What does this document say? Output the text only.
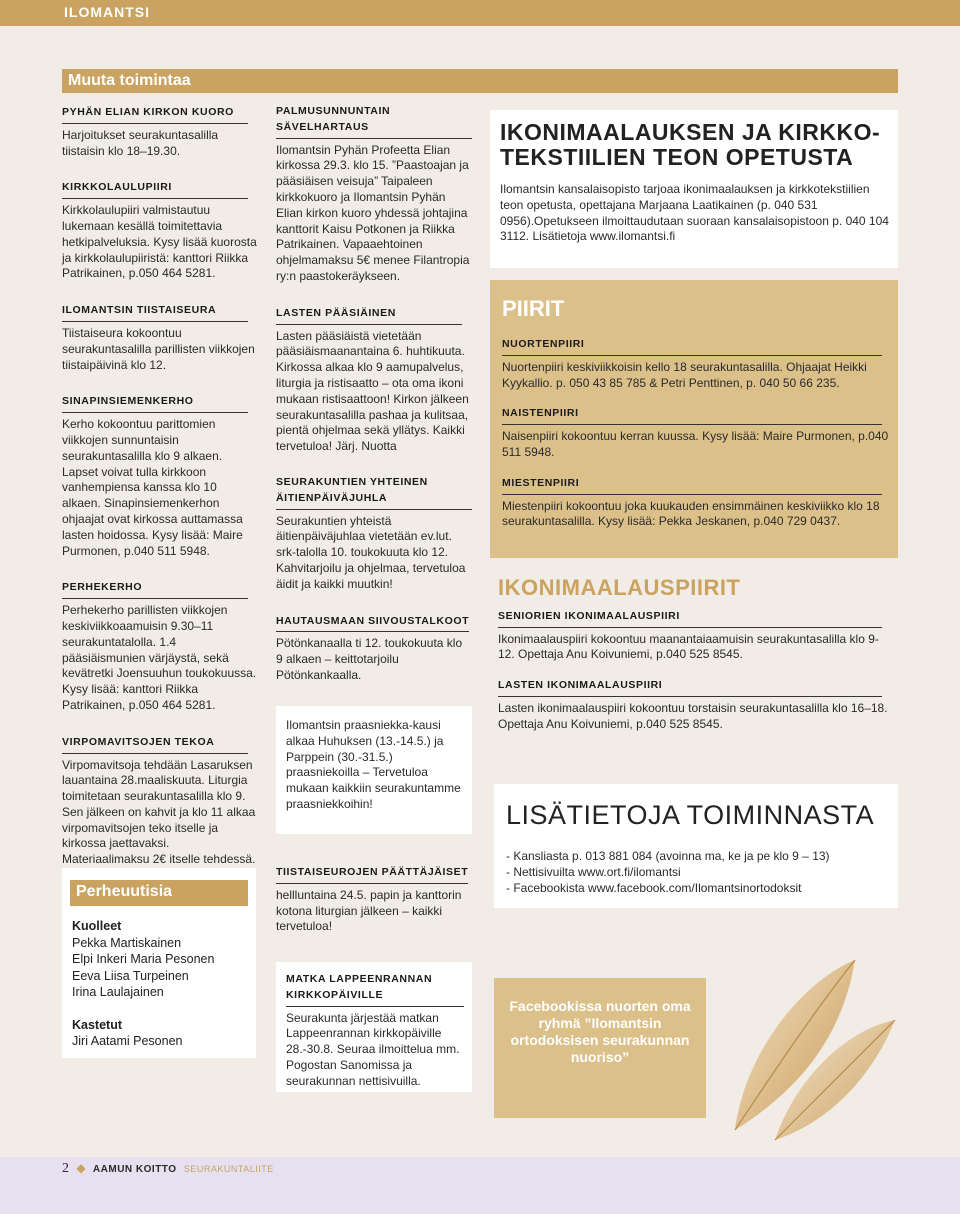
ILOMANTSI
Muuta toimintaa
PYHÄN ELIAN KIRKON KUORO
Harjoitukset seurakuntasalilla tiistaisin klo 18–19.30.
KIRKKOLAULUPIIRI
Kirkkolaulupiiri valmistautuu lukemaan kesällä toimitettavia hetkipalveluksia. Kysy lisää kuorosta ja kirkkolaulupiiristä: kanttori Riikka Patrikainen, p.050 464 5281.
ILOMANTSIN TIISTAISEURA
Tiistaiseura kokoontuu seurakuntasalilla parillisten viikkojen tiistaipäivinä klo 12.
SINAPINSIEMENKERHO
Kerho kokoontuu parittomien viikkojen sunnuntaisin seurakuntasalilla klo 9 alkaen. Lapset voivat tulla kirkkoon vanhempiensa kanssa klo 10 alkaen. Sinapinsiemenkerhon ohjaajat ovat kirkossa auttamassa lasten hoidossa. Kysy lisää: Maire Purmonen, p.040 511 5948.
PERHEKERHO
Perhekerho parillisten viikkojen keskiviikkoaamuisin 9.30–11 seurakuntatalolla. 1.4 pääsiäismunien värjäystä, sekä kevätretki Joensuuhun toukokuussa. Kysy lisää: kanttori Riikka Patrikainen, p.050 464 5281.
VIRPOMAVITSOJEN TEKOA
Virpomavitsoja tehdään Lasaruksen lauantaina 28.maaliskuuta. Liturgia toimitetaan seurakuntasalilla klo 9. Sen jälkeen on kahvit ja klo 11 alkaa virpomavitsojen teko itselle ja kirkossa jaettavaksi. Materiaalimaksu 2€ itselle tehdessä.
Perheuutisia
Kuolleet
Pekka Martiskainen
Elpi Inkeri Maria Pesonen
Eeva Liisa Turpeinen
Irina Laulajainen
Kastetut
Jiri Aatami Pesonen
PALMUSUNNUNTAIN SÄVELHARTAUS
Ilomantsin Pyhän Profeetta Elian kirkossa 29.3. klo 15. ”Paastoajan ja pääsiäisen veisuja” Taipaleen kirkkokuoro ja Ilomantsin Pyhän Elian kirkon kuoro yhdessä johtajina kanttorit Kaisu Potkonen ja Riikka Patrikainen. Vapaaehtoinen ohjelmamaksu 5€ menee Filantropia ry:n paastokeräykseen.
LASTEN PÄÄSIÄINEN
Lasten pääsiäistä vietetään pääsiäismaanantaina 6. huhtikuuta. Kirkossa alkaa klo 9 aamupalvelus, liturgia ja ristisaatto – ota oma ikoni mukaan ristisaattoon! Kirkon jälkeen seurakuntasalilla pashaa ja kulitsaa, pientä ohjelmaa sekä yllätys. Kaikki tervetuloa! Järj. Nuotta
SEURAKUNTIEN YHTEINEN ÄITIENPÄIVÄJUHLA
Seurakuntien yhteistä äitienpäiväjuhlaa vietetään ev.lut. srk-talolla 10. toukokuuta klo 12. Kahvitarjoilu ja ohjelmaa, tervetuloa äidit ja kaikki muutkin!
HAUTAUSMAAN SIIVOUSTALKOOT
Pötönkanaalla ti 12. toukokuuta klo 9 alkaen – keittotarjoilu Pötönkankaalla.

Ilomantsin praasniekka-kausi alkaa Huhuksen (13.-14.5.) ja Parppein (30.-31.5.) praasniekoilla – Tervetuloa mukaan kaikkiin seurakuntamme praasniekkoihin!

TIISTAISEUROJEN PÄÄTTÄJÄISET
hellluntaina 24.5. papin ja kanttorin kotona liturgian jälkeen – kaikki tervetuloa!
MATKA LAPPEENRANNAN KIRKKOPÄIVILLE
Seurakunta järjestää matkan Lappeenrannan kirkkopäiville 28.-30.8. Seuraa ilmoittelua mm. Pogostan Sanomissa ja seurakunnan nettisivuilla.
IKONIMAALAUKSEN JA KIRKKO-
TEKSTIILIEN TEON OPETUSTA
Ilomantsin kansalaisopisto tarjoaa ikonimaalauksen ja kirkkotekstiilien teon opetusta, opettajana Marjaana Laatikainen (p. 040 531 0956).Opetukseen ilmoittaudutaan suoraan kansalaisopistoon p. 040 104 3112. Lisätietoja www.ilomantsi.fi
PIIRIT
NUORTENPIIRI
Nuortenpiiri keskiviikkoisin kello 18 seurakuntasalilla. Ohjaajat Heikki Kyykallio. p. 050 43 85 785 & Petri Penttinen, p. 040 50 66 235.
NAISTENPIIRI
Naisenpiiri kokoontuu kerran kuussa. Kysy lisää: Maire Purmonen, p.040 511 5948.
MIESTENPIIRI
Miestenpiiri kokoontuu joka kuukauden ensimmäinen keskiviikko klo 18 seurakuntasalilla. Kysy lisää: Pekka Jeskanen, p.040 729 0437.
IKONIMAALAUSPIIRIT
SENIORIEN IKONIMAALAUSPIIRI
Ikonimaalauspiiri kokoontuu maanantaiaamuisin seurakuntasalilla klo 9-12. Opettaja Anu Koivuniemi, p.040 525 8545.
LASTEN IKONIMAALAUSPIIRI
Lasten ikonimaalauspiiri kokoontuu torstaisin seurakuntasalilla klo 16–18. Opettaja Anu Koivuniemi, p.040 525 8545.
LISÄTIETOJA TOIMINNASTA
- Kansliasta p. 013 881 084 (avoinna ma, ke ja pe klo 9 – 13)
- Nettisivuilta www.ort.fi/ilomantsi
- Facebookista www.facebook.com/Ilomantsinortodoksit

Facebookissa nuorten oma ryhmä ”Ilomantsin ortodoksisen seurakunnan nuoriso”

2 ◆ AAMUN KOITTO SEURAKUNTALIITE
